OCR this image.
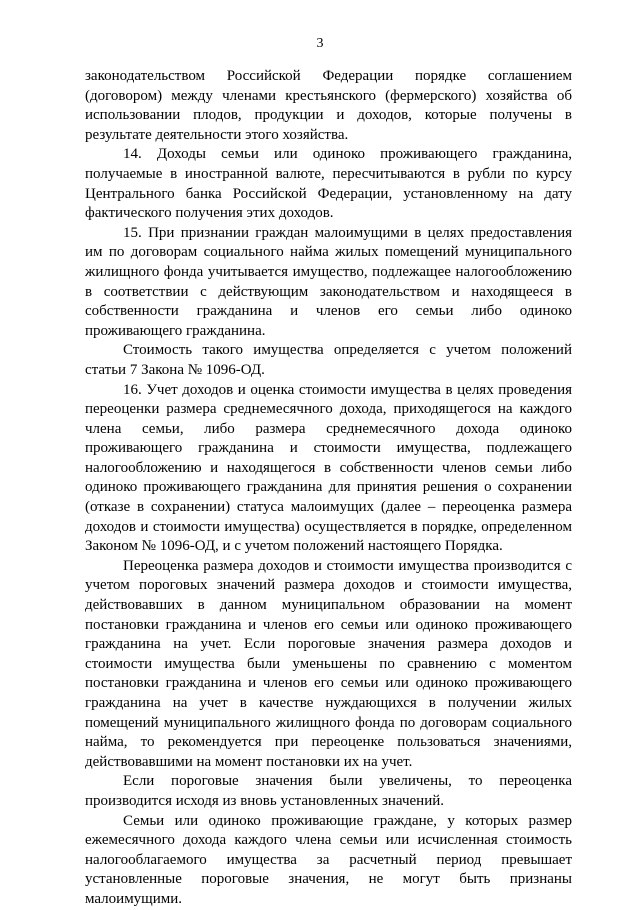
3

законодательством Российской Федерации порядке соглашением (договором) между членами крестьянского (фермерского) хозяйства об использовании плодов, продукции и доходов, которые получены в результате деятельности этого хозяйства.

14. Доходы семьи или одиноко проживающего гражданина, получаемые в иностранной валюте, пересчитываются в рубли по курсу Центрального банка Российской Федерации, установленному на дату фактического получения этих доходов.

15. При признании граждан малоимущими в целях предоставления им по договорам социального найма жилых помещений муниципального жилищного фонда учитывается имущество, подлежащее налогообложению в соответствии с действующим законодательством и находящееся в собственности гражданина и членов его семьи либо одиноко проживающего гражданина.

Стоимость такого имущества определяется с учетом положений статьи 7 Закона № 1096-ОД.

16. Учет доходов и оценка стоимости имущества в целях проведения переоценки размера среднемесячного дохода, приходящегося на каждого члена семьи, либо размера среднемесячного дохода одиноко проживающего гражданина и стоимости имущества, подлежащего налогообложению и находящегося в собственности членов семьи либо одиноко проживающего гражданина для принятия решения о сохранении (отказе в сохранении) статуса малоимущих (далее – переоценка размера доходов и стоимости имущества) осуществляется в порядке, определенном Законом № 1096-ОД, и с учетом положений настоящего Порядка.

Переоценка размера доходов и стоимости имущества производится с учетом пороговых значений размера доходов и стоимости имущества, действовавших в данном муниципальном образовании на момент постановки гражданина и членов его семьи или одиноко проживающего гражданина на учет. Если пороговые значения размера доходов и стоимости имущества были уменьшены по сравнению с моментом постановки гражданина и членов его семьи или одиноко проживающего гражданина на учет в качестве нуждающихся в получении жилых помещений муниципального жилищного фонда по договорам социального найма, то рекомендуется при переоценке пользоваться значениями, действовавшими на момент постановки их на учет.

Если пороговые значения были увеличены, то переоценка производится исходя из вновь установленных значений.

Семьи или одиноко проживающие граждане, у которых размер ежемесячного дохода каждого члена семьи или исчисленная стоимость налогооблагаемого имущества за расчетный период превышает установленные пороговые значения, не могут быть признаны малоимущими.
